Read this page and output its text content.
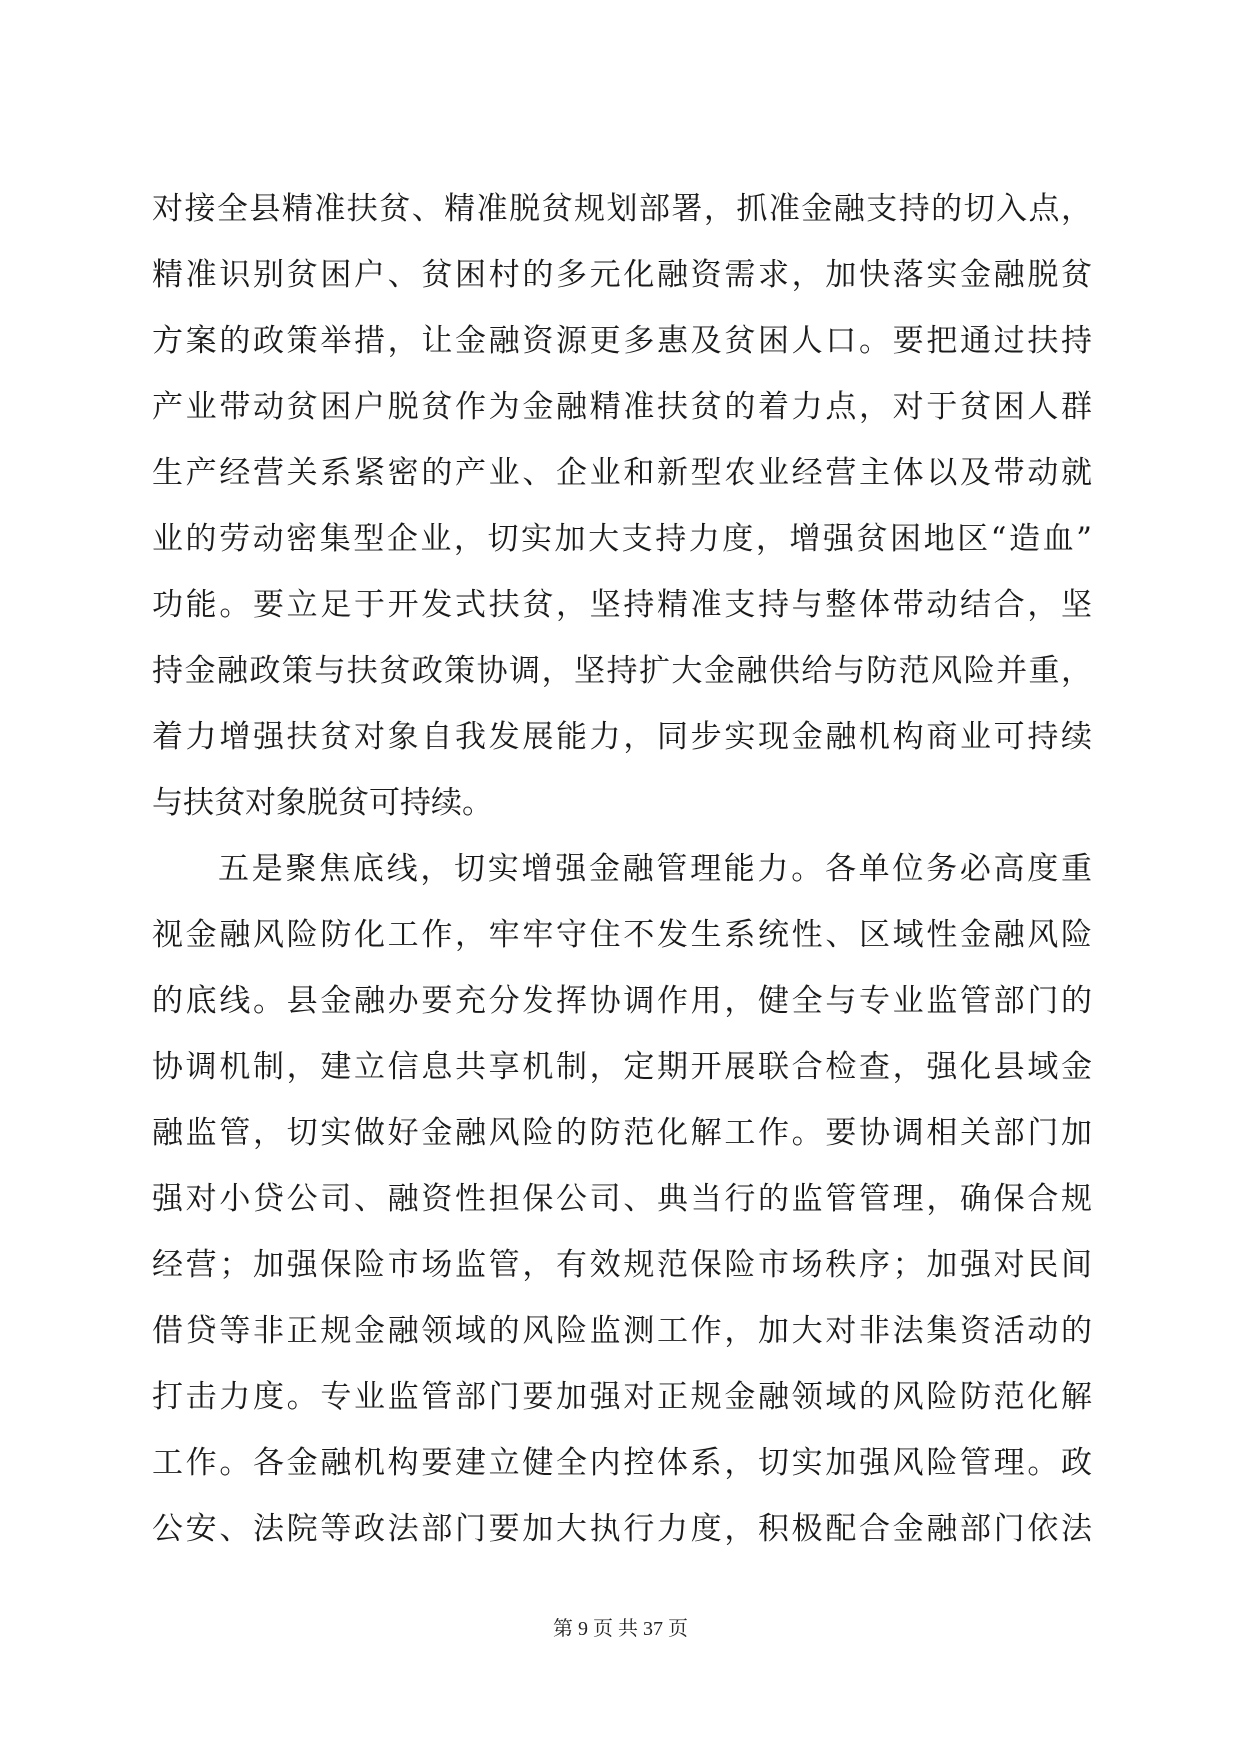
对接全县精准扶贫、精准脱贫规划部署，抓准金融支持的切入点，
精准识别贫困户、贫困村的多元化融资需求，加快落实金融脱贫
方案的政策举措，让金融资源更多惠及贫困人口。要把通过扶持
产业带动贫困户脱贫作为金融精准扶贫的着力点，对于贫困人群
生产经营关系紧密的产业、企业和新型农业经营主体以及带动就
业的劳动密集型企业，切实加大支持力度，增强贫困地区“造血”
功能。要立足于开发式扶贫，坚持精准支持与整体带动结合，坚
持金融政策与扶贫政策协调，坚持扩大金融供给与防范风险并重，
着力增强扶贫对象自我发展能力，同步实现金融机构商业可持续
与扶贫对象脱贫可持续。
五是聚焦底线，切实增强金融管理能力。各单位务必高度重
视金融风险防化工作，牢牢守住不发生系统性、区域性金融风险
的底线。县金融办要充分发挥协调作用，健全与专业监管部门的
协调机制，建立信息共享机制，定期开展联合检查，强化县域金
融监管，切实做好金融风险的防范化解工作。要协调相关部门加
强对小贷公司、融资性担保公司、典当行的监管管理，确保合规
经营；加强保险市场监管，有效规范保险市场秩序；加强对民间
借贷等非正规金融领域的风险监测工作，加大对非法集资活动的
打击力度。专业监管部门要加强对正规金融领域的风险防范化解
工作。各金融机构要建立健全内控体系，切实加强风险管理。政
公安、法院等政法部门要加大执行力度，积极配合金融部门依法
第 9 页 共 37 页
